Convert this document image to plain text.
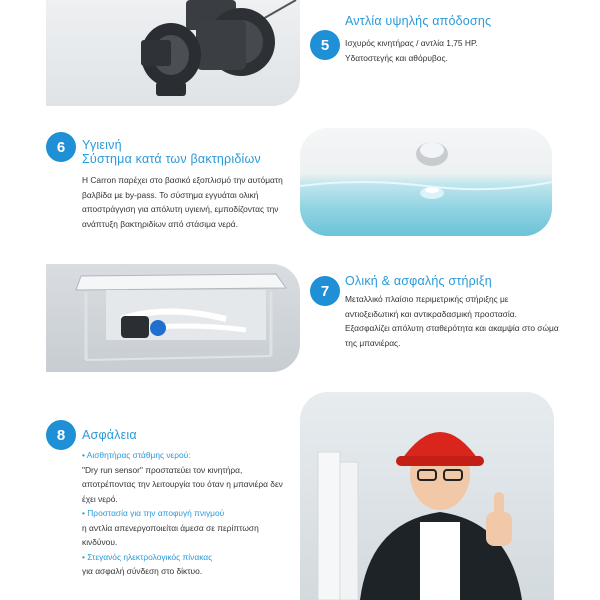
5
Αντλία υψηλής απόδοσης

Ισχυρός κινητήρας / αντλία 1,75 HP.

Υδατοστεγής και αθόρυβος.

6	Υγιεινή
Σύστημα κατά των βακτηριδίων

Η Carron παρέχει στο βασικό εξοπλισμό την αυτόματη

βαλβίδα με by-pass. Το σύστημα εγγυάται ολική

αποστράγγιση για απόλυτη υγιεινή, εμποδίζοντας την

ανάπτυξη βακτηριδίων από στάσιμα νερά.

7
Ολική & ασφαλής στήριξη

Μεταλλικό πλαίσιο περιμετρικής στήριξης με

αντιοξειδωτική και αντικραδασμική προστασία.

Εξασφαλίζει απόλυτη σταθερότητα και ακαμψία στο σώμα

της μπανιέρας.

8	Ασφάλεια

• Αισθητήρας στάθμης νερού:

"Dry run sensor" προστατεύει τον κινητήρα,

αποτρέποντας την λειτουργία του όταν η μπανιέρα δεν

έχει νερό.

• Προστασία για την αποφυγή πνιγμού

η αντλία απενεργοποιείται άμεσα σε περίπτωση

κινδύνου.

• Στεγανός ηλεκτρολογικός πίνακας

για ασφαλή σύνδεση στο δίκτυο.
